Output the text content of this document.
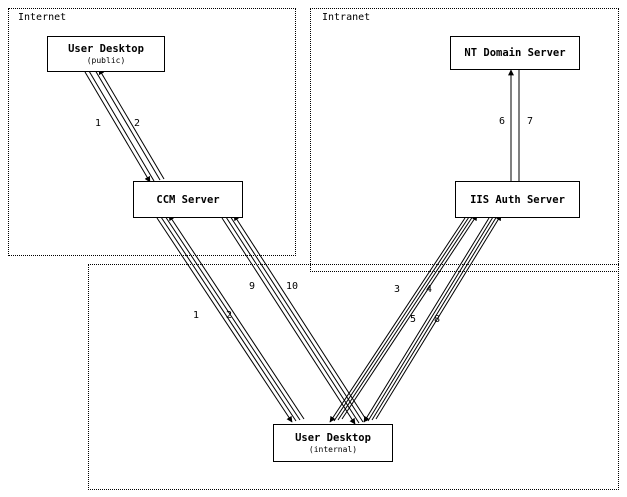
Internet	Intranet
User Desktop
(public)
NT Domain Server
CCM Server	IIS Auth Server
User Desktop
(internal)
1	2	6 7
9	10	3	4
1	2	5 8
